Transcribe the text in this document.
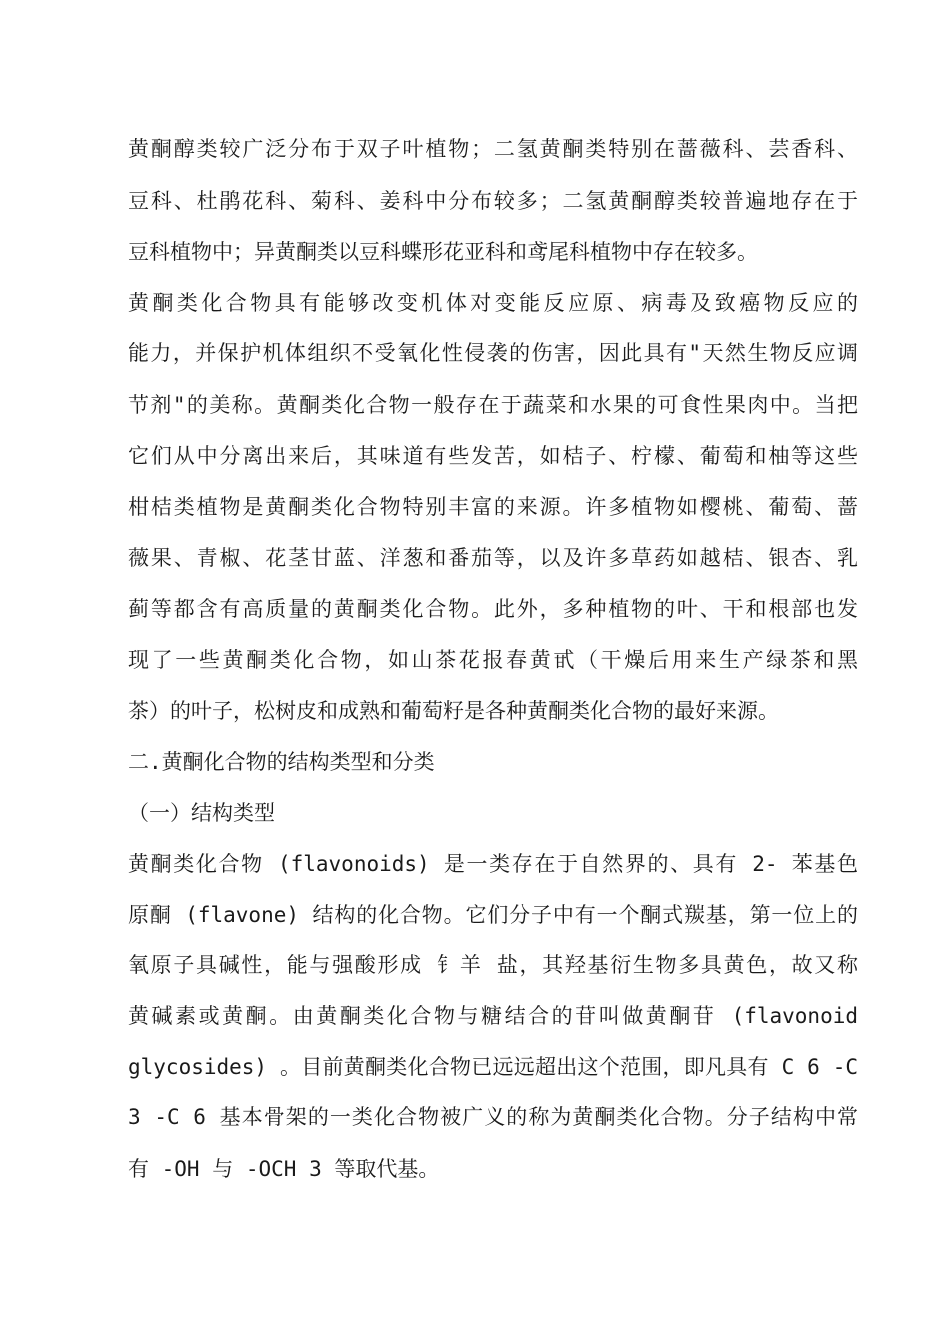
黄酮醇类较广泛分布于双子叶植物；二氢黄酮类特别在蔷薇科、芸香科、
豆科、杜鹃花科、菊科、姜科中分布较多；二氢黄酮醇类较普遍地存在于
豆科植物中；异黄酮类以豆科蝶形花亚科和鸢尾科植物中存在较多。
黄酮类化合物具有能够改变机体对变能反应原、病毒及致癌物反应的
能力，并保护机体组织不受氧化性侵袭的伤害，因此具有"天然生物反应调
节剂"的美称。黄酮类化合物一般存在于蔬菜和水果的可食性果肉中。当把
它们从中分离出来后，其味道有些发苦，如桔子、柠檬、葡萄和柚等这些
柑桔类植物是黄酮类化合物特别丰富的来源。许多植物如樱桃、葡萄、蔷
薇果、青椒、花茎甘蓝、洋葱和番茄等，以及许多草药如越桔、银杏、乳
蓟等都含有高质量的黄酮类化合物。此外，多种植物的叶、干和根部也发
现了一些黄酮类化合物，如山茶花报春黄甙（干燥后用来生产绿茶和黑
茶）的叶子，松树皮和成熟和葡萄籽是各种黄酮类化合物的最好来源。
二.黄酮化合物的结构类型和分类
（一）结构类型
黄酮类化合物 (flavonoids) 是一类存在于自然界的、具有 2- 苯基色
原酮 (flavone) 结构的化合物。它们分子中有一个酮式羰基，第一位上的
氧原子具碱性，能与强酸形成 钅羊 盐，其羟基衍生物多具黄色，故又称
黄碱素或黄酮。由黄酮类化合物与糖结合的苷叫做黄酮苷 (flavonoid
glycosides) 。目前黄酮类化合物已远远超出这个范围，即凡具有 C 6 -C
3 -C 6 基本骨架的一类化合物被广义的称为黄酮类化合物。分子结构中常
有 -OH 与 -OCH 3 等取代基。
